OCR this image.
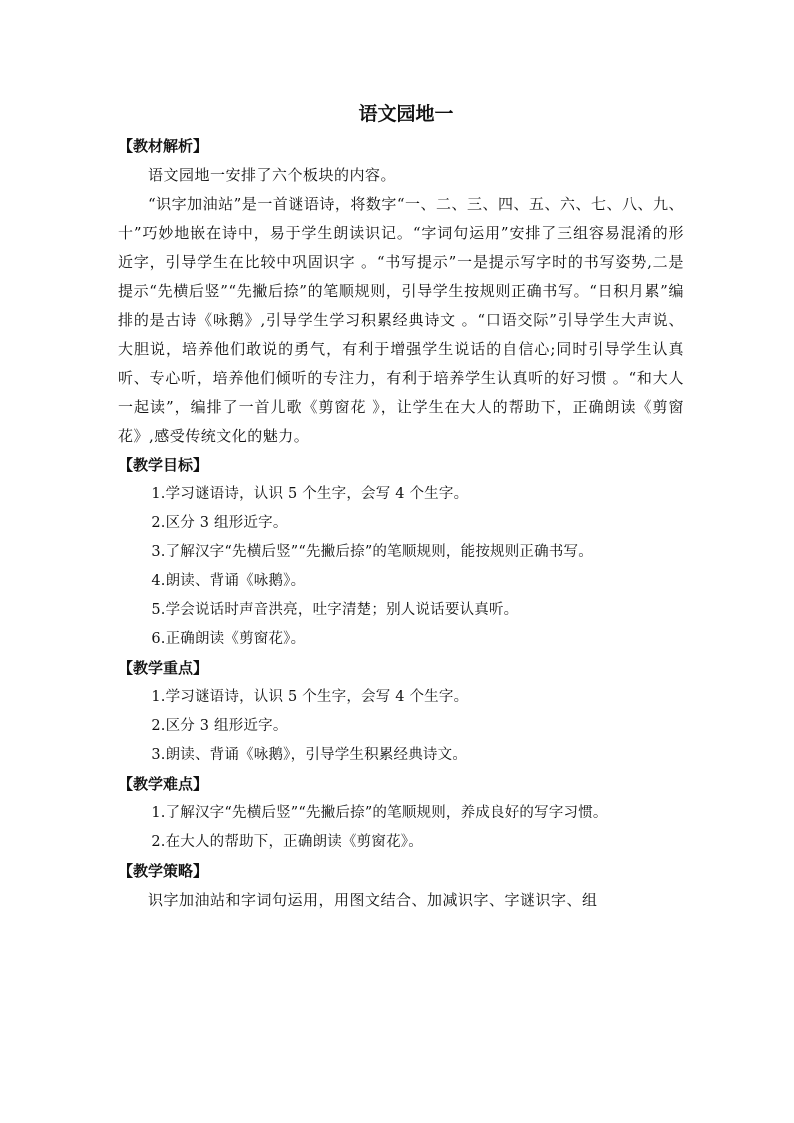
语文园地一
【教材解析】

语文园地一安排了六个板块的内容。

“识字加油站”是一首谜语诗，将数字“一、二、三、四、五、六、七、八、九、十”巧妙地嵌在诗中，易于学生朗读识记。“字词句运用”安排了三组容易混淆的形近字，引导学生在比较中巩固识字 。“书写提示”一是提示写字时的书写姿势,二是提示“先横后竖”“先撇后捺”的笔顺规则，引导学生按规则正确书写。“日积月累”编排的是古诗《咏鹅》,引导学生学习积累经典诗文 。“口语交际”引导学生大声说、大胆说，培养他们敢说的勇气，有利于增强学生说话的自信心;同时引导学生认真听、专心听，培养他们倾听的专注力，有利于培养学生认真听的好习惯 。“和大人一起读”，编排了一首儿歌《剪窗花 》，让学生在大人的帮助下，正确朗读《剪窗花》,感受传统文化的魅力。

【教学目标】

1.学习谜语诗，认识 5 个生字，会写 4 个生字。

2.区分 3 组形近字。

3.了解汉字“先横后竖”“先撇后捺”的笔顺规则，能按规则正确书写。

4.朗读、背诵《咏鹅》。

5.学会说话时声音洪亮，吐字清楚；别人说话要认真听。

6.正确朗读《剪窗花》。

【教学重点】

1.学习谜语诗，认识 5 个生字，会写 4 个生字。

2.区分 3 组形近字。

3.朗读、背诵《咏鹅》，引导学生积累经典诗文。

【教学难点】

1.了解汉字“先横后竖”“先撇后捺”的笔顺规则，养成良好的写字习惯。

2.在大人的帮助下，正确朗读《剪窗花》。

【教学策略】

识字加油站和字词句运用，用图文结合、加减识字、字谜识字、组
